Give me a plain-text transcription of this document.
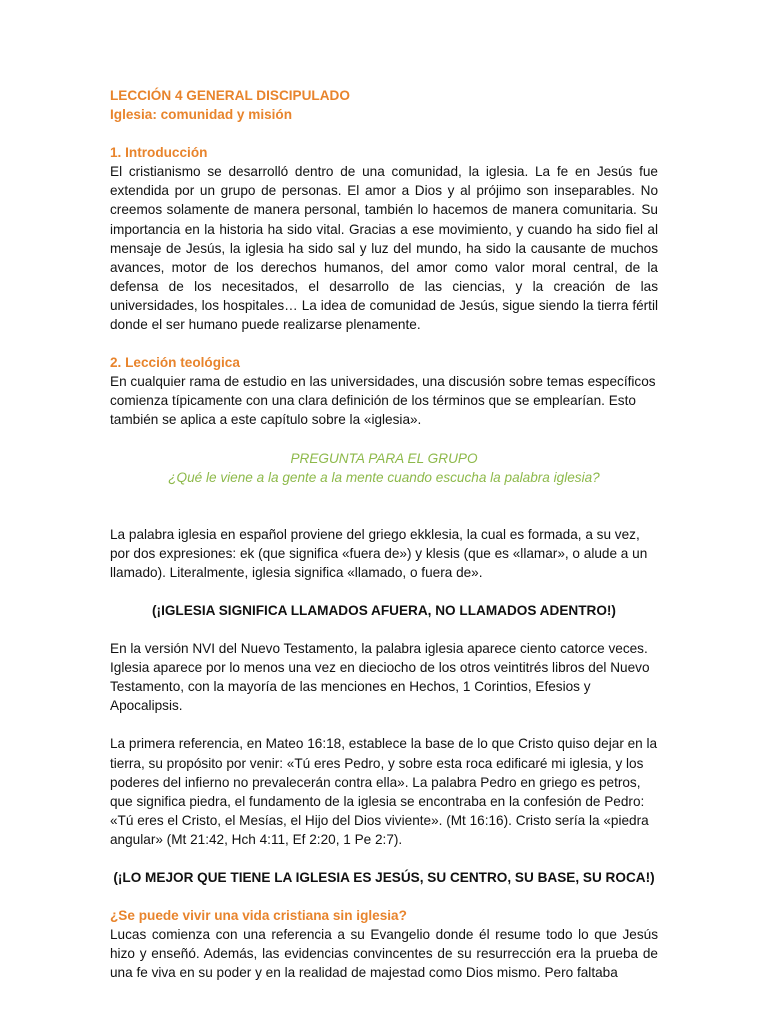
LECCIÓN 4 GENERAL DISCIPULADO

Iglesia: comunidad y misión

1. Introducción

El cristianismo se desarrolló dentro de una comunidad, la iglesia. La fe en Jesús fue extendida por un grupo de personas. El amor a Dios y al prójimo son inseparables. No creemos solamente de manera personal, también lo hacemos de manera comunitaria. Su importancia en la historia ha sido vital. Gracias a ese movimiento, y cuando ha sido fiel al mensaje de Jesús, la iglesia ha sido sal y luz del mundo, ha sido la causante de muchos avances, motor de los derechos humanos, del amor como valor moral central, de la defensa de los necesitados, el desarrollo de las ciencias, y la creación de las universidades, los hospitales… La idea de comunidad de Jesús, sigue siendo la tierra fértil donde el ser humano puede realizarse plenamente.

2. Lección teológica

En cualquier rama de estudio en las universidades, una discusión sobre temas específicos comienza típicamente con una clara definición de los términos que se emplearían. Esto también se aplica a este capítulo sobre la «iglesia».

PREGUNTA PARA EL GRUPO

¿Qué le viene a la gente a la mente cuando escucha la palabra iglesia?

La palabra iglesia en español proviene del griego ekklesia, la cual es formada, a su vez, por dos expresiones: ek (que significa «fuera de») y klesis (que es «llamar», o alude a un llamado). Literalmente, iglesia significa «llamado, o fuera de».

(¡IGLESIA SIGNIFICA LLAMADOS AFUERA, NO LLAMADOS ADENTRO!)

En la versión NVI del Nuevo Testamento, la palabra iglesia aparece ciento catorce veces. Iglesia aparece por lo menos una vez en dieciocho de los otros veintitrés libros del Nuevo Testamento, con la mayoría de las menciones en Hechos, 1 Corintios, Efesios y Apocalipsis.

La primera referencia, en Mateo 16:18, establece la base de lo que Cristo quiso dejar en la tierra, su propósito por venir: «Tú eres Pedro, y sobre esta roca edificaré mi iglesia, y los poderes del infierno no prevalecerán contra ella». La palabra Pedro en griego es petros, que significa piedra, el fundamento de la iglesia se encontraba en la confesión de Pedro: «Tú eres el Cristo, el Mesías, el Hijo del Dios viviente». (Mt 16:16). Cristo sería la «piedra angular» (Mt 21:42, Hch 4:11, Ef 2:20, 1 Pe 2:7).

(¡LO MEJOR QUE TIENE LA IGLESIA ES JESÚS, SU CENTRO, SU BASE, SU ROCA!)

¿Se puede vivir una vida cristiana sin iglesia?

Lucas comienza con una referencia a su Evangelio donde él resume todo lo que Jesús hizo y enseñó. Además, las evidencias convincentes de su resurrección era la prueba de una fe viva en su poder y en la realidad de majestad como Dios mismo. Pero faltaba
